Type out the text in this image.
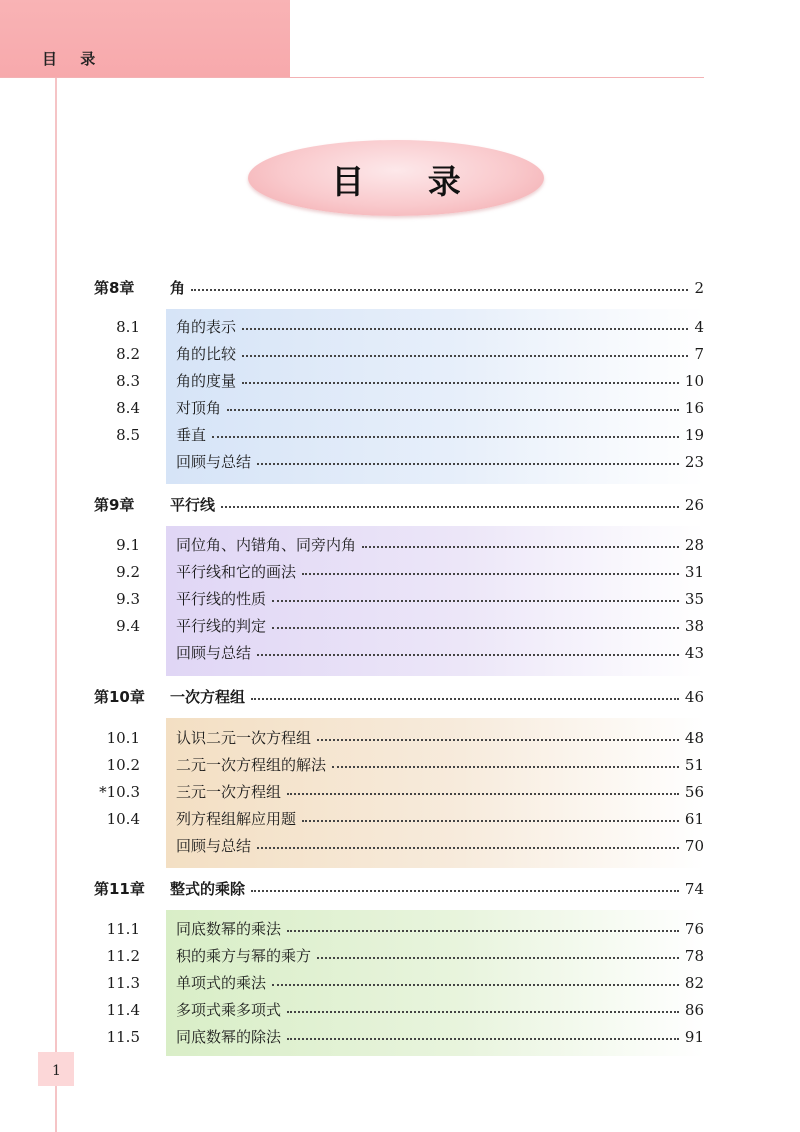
目 录
目 录
第8章 角	2
8.1 角的表示	4
8.2 角的比较	7
8.3 角的度量	10
8.4 对顶角	16
8.5 垂直	19
回顾与总结	23
第9章 平行线	26
9.1 同位角、内错角、同旁内角	28
9.2 平行线和它的画法	31
9.3 平行线的性质	35
9.4 平行线的判定	38
回顾与总结	43
第10章 一次方程组	46
10.1 认识二元一次方程组	48
10.2 二元一次方程组的解法	51
*10.3 三元一次方程组	56
10.4 列方程组解应用题	61
回顾与总结	70
第11章 整式的乘除	74
11.1 同底数幂的乘法	76
11.2 积的乘方与幂的乘方	78
11.3 单项式的乘法	82
11.4 多项式乘多项式	86
11.5 同底数幂的除法	91
1
